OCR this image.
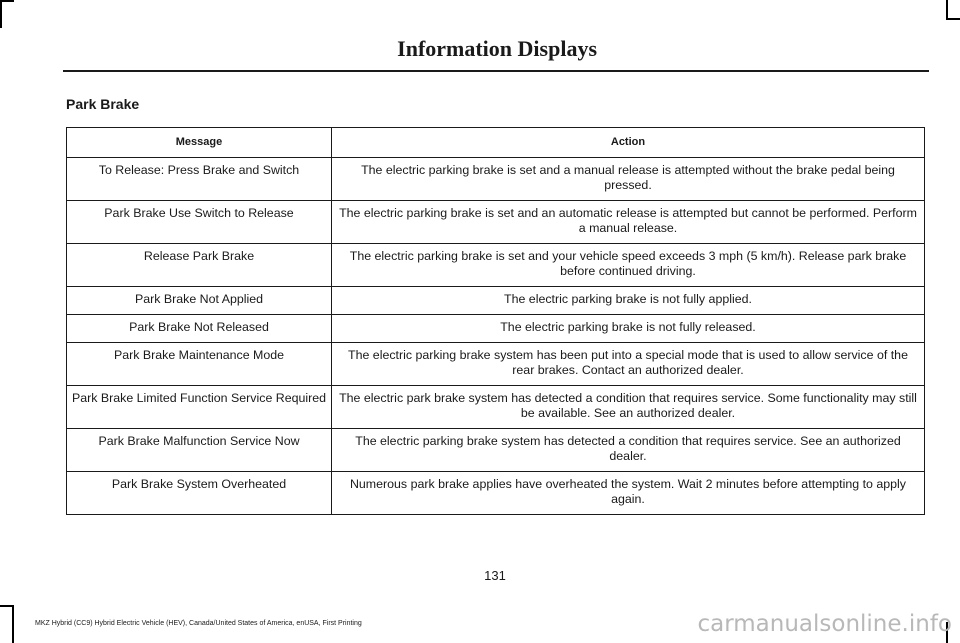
Information Displays
Park Brake
Message	Action
To Release: Press Brake and Switch	The electric parking brake is set and a manual release is attempted without the brake pedal being pressed.
Park Brake Use Switch to Release	The electric parking brake is set and an automatic release is attempted but cannot be performed. Perform a manual release.
Release Park Brake	The electric parking brake is set and your vehicle speed exceeds 3 mph (5 km/h). Release park brake before continued driving.
Park Brake Not Applied	The electric parking brake is not fully applied.
Park Brake Not Released	The electric parking brake is not fully released.
Park Brake Maintenance Mode	The electric parking brake system has been put into a special mode that is used to allow service of the rear brakes. Contact an authorized dealer.
Park Brake Limited Function Service Required	The electric park brake system has detected a condition that requires service. Some functionality may still be available. See an authorized dealer.
Park Brake Malfunction Service Now	The electric parking brake system has detected a condition that requires service. See an authorized dealer.
Park Brake System Overheated	Numerous park brake applies have overheated the system. Wait 2 minutes before attempting to apply again.
131
MKZ Hybrid (CC9) Hybrid Electric Vehicle (HEV), Canada/United States of America, enUSA, First Printing	carmanualsonline.info
